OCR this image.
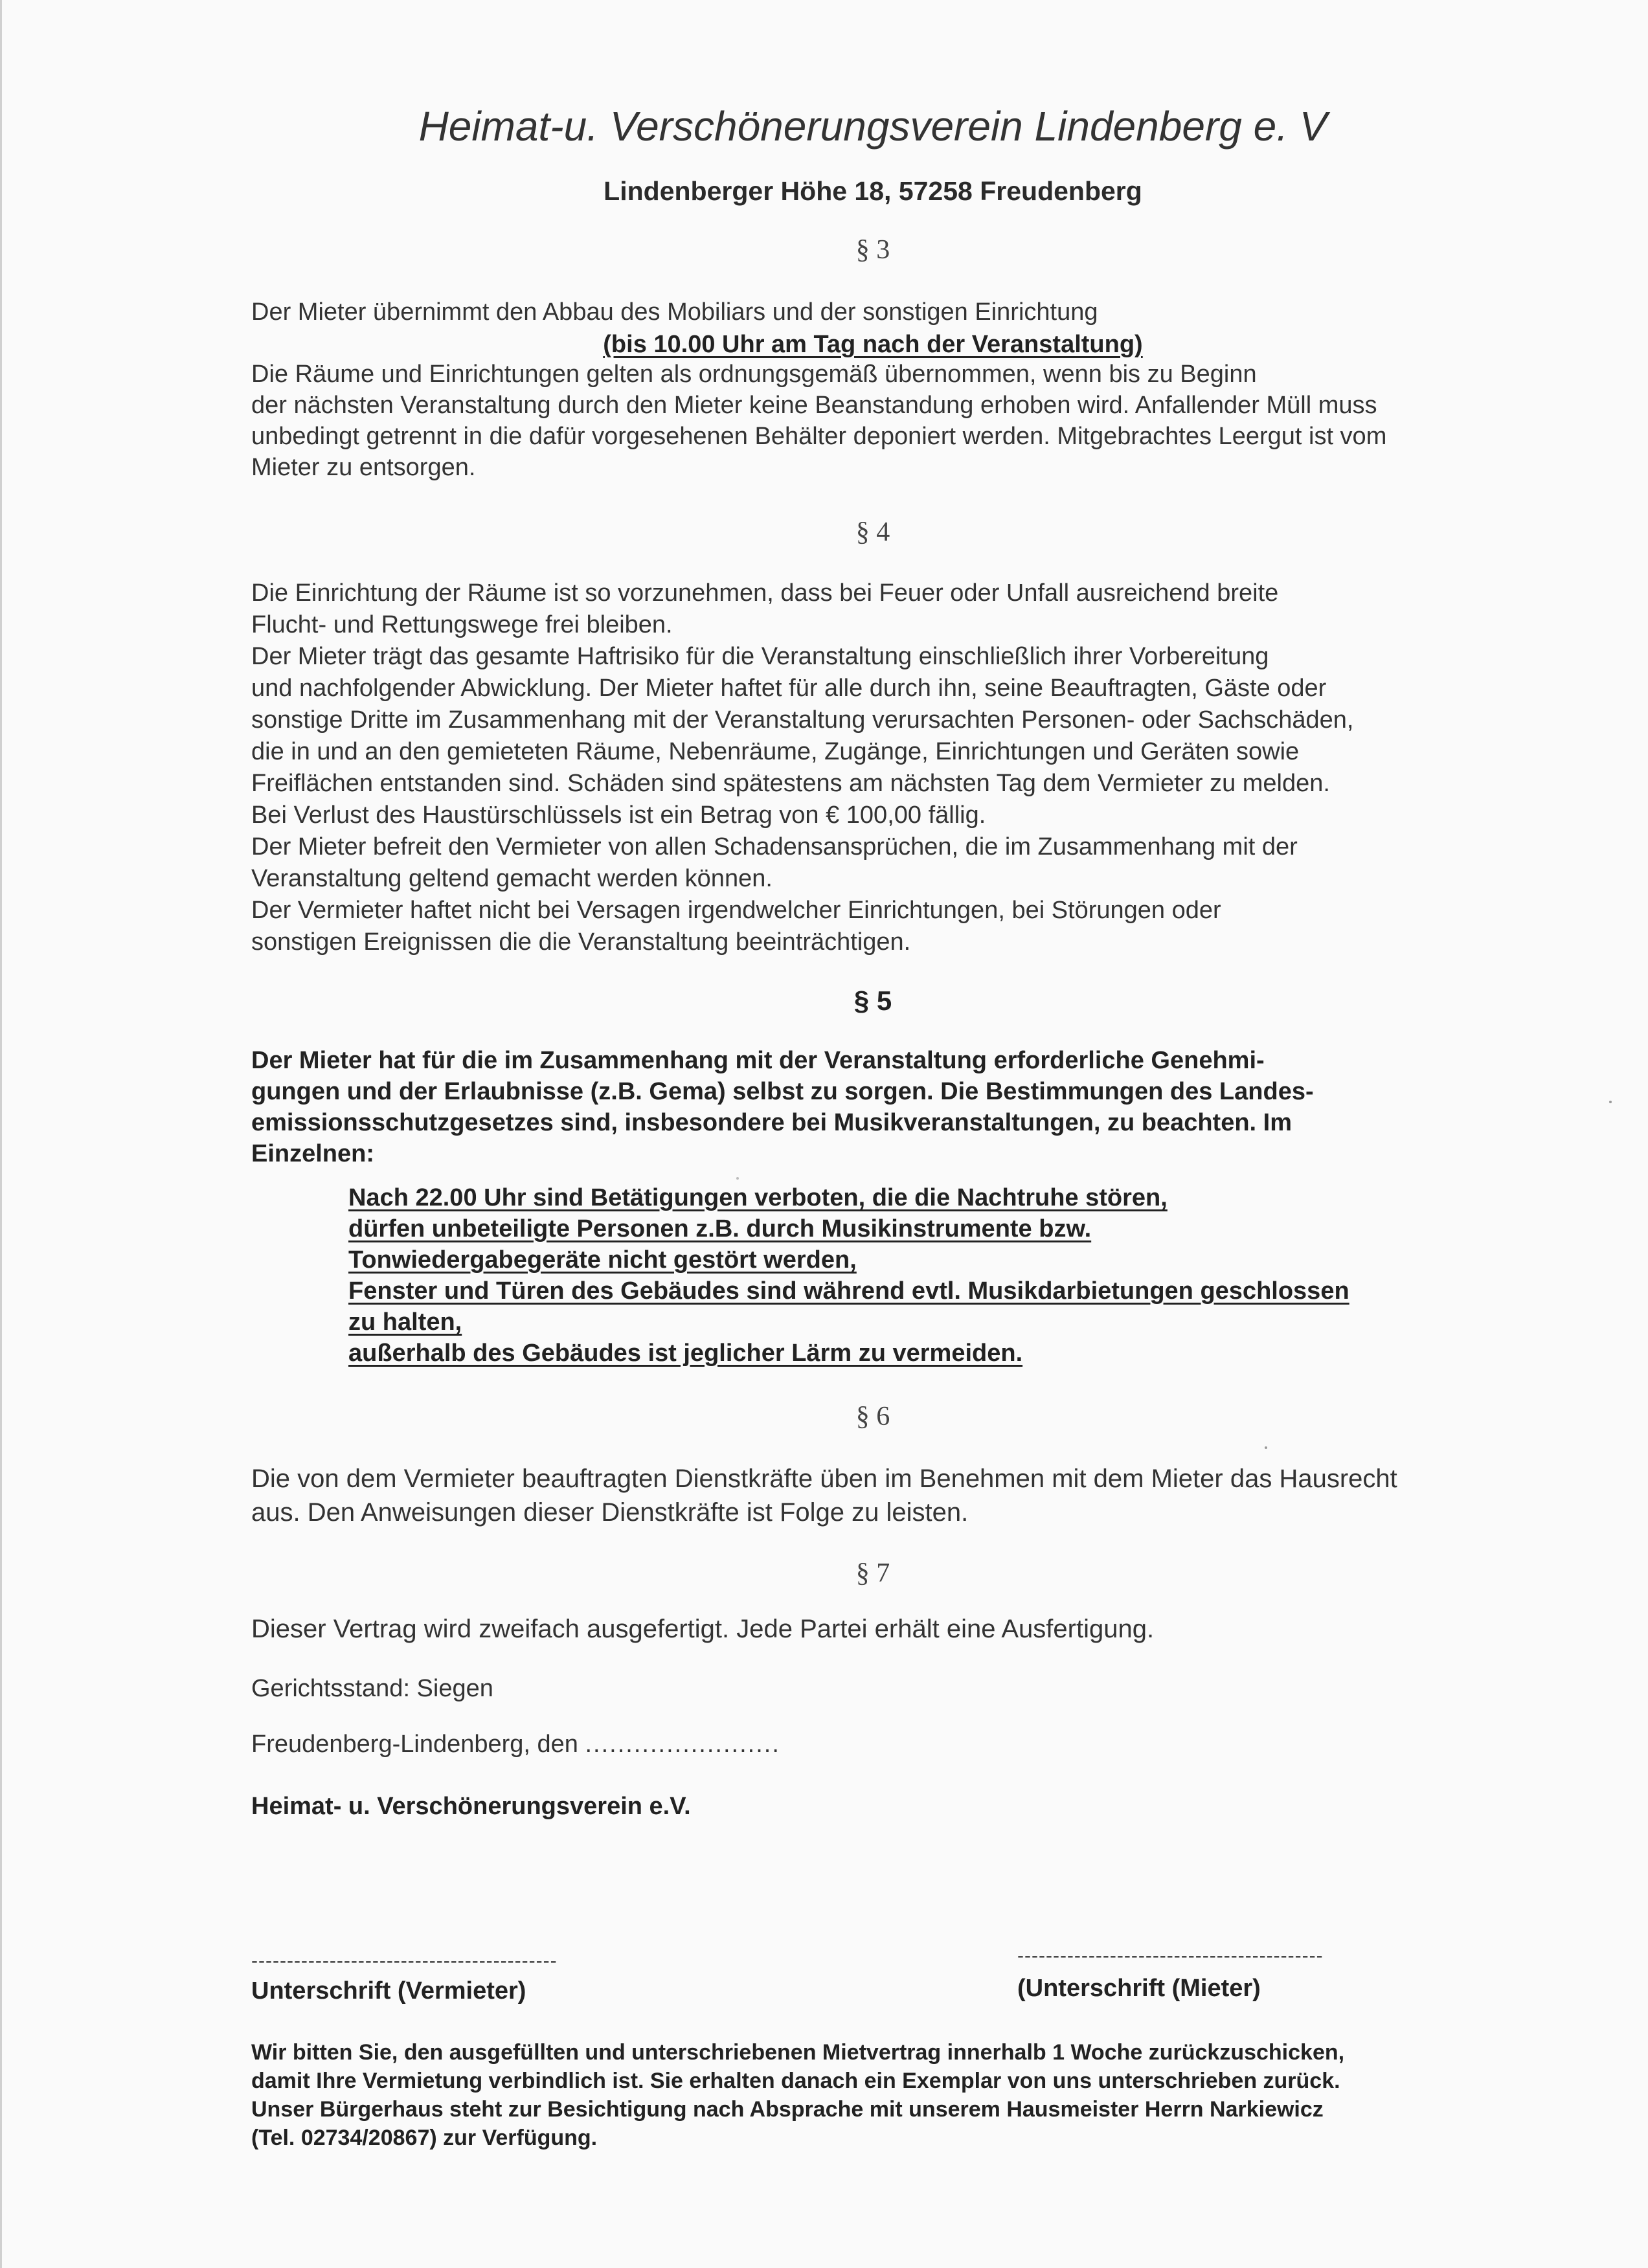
Heimat-u. Verschönerungsverein Lindenberg e. V
Lindenberger Höhe 18, 57258 Freudenberg
§ 3
Der Mieter übernimmt den Abbau des Mobiliars und der sonstigen Einrichtung
(bis 10.00 Uhr am Tag nach der Veranstaltung)
Die Räume und Einrichtungen gelten als ordnungsgemäß übernommen, wenn bis zu Beginn
der nächsten Veranstaltung durch den Mieter keine Beanstandung erhoben wird. Anfallender Müll muss
unbedingt getrennt in die dafür vorgesehenen Behälter deponiert werden. Mitgebrachtes Leergut ist vom
Mieter zu entsorgen.
§ 4
Die Einrichtung der Räume ist so vorzunehmen, dass bei Feuer oder Unfall ausreichend breite
Flucht- und Rettungswege frei bleiben.
Der Mieter trägt das gesamte Haftrisiko für die Veranstaltung einschließlich ihrer Vorbereitung
und nachfolgender Abwicklung. Der Mieter haftet für alle durch ihn, seine Beauftragten, Gäste oder
sonstige Dritte im Zusammenhang mit der Veranstaltung verursachten Personen- oder Sachschäden,
die in und an den gemieteten Räume, Nebenräume, Zugänge, Einrichtungen und Geräten sowie
Freiflächen entstanden sind. Schäden sind spätestens am nächsten Tag dem Vermieter zu melden.
Bei Verlust des Haustürschlüssels ist ein Betrag von € 100,00 fällig.
Der Mieter befreit den Vermieter von allen Schadensansprüchen, die im Zusammenhang mit der
Veranstaltung geltend gemacht werden können.
Der Vermieter haftet nicht bei Versagen irgendwelcher Einrichtungen, bei Störungen oder
sonstigen Ereignissen die die Veranstaltung beeinträchtigen.
§ 5
Der Mieter hat für die im Zusammenhang mit der Veranstaltung erforderliche Genehmi-
gungen und der Erlaubnisse (z.B. Gema) selbst zu sorgen. Die Bestimmungen des Landes-
emissionsschutzgesetzes sind, insbesondere bei Musikveranstaltungen, zu beachten. Im
Einzelnen:
Nach 22.00 Uhr sind Betätigungen verboten, die die Nachtruhe stören,
dürfen unbeteiligte Personen z.B. durch Musikinstrumente bzw.
Tonwiedergabegeräte nicht gestört werden,
Fenster und Türen des Gebäudes sind während evtl. Musikdarbietungen geschlossen
zu halten,
außerhalb des Gebäudes ist jeglicher Lärm zu vermeiden.
§ 6
Die von dem Vermieter beauftragten Dienstkräfte üben im Benehmen mit dem Mieter das Hausrecht
aus. Den Anweisungen dieser Dienstkräfte ist Folge zu leisten.
§ 7
Dieser Vertrag wird zweifach ausgefertigt. Jede Partei erhält eine Ausfertigung.
Gerichtsstand: Siegen
Freudenberg-Lindenberg, den ........................
Heimat- u. Verschönerungsverein e.V.
-------------------------------------------	-------------------------------------------
Unterschrift (Vermieter)	(Unterschrift (Mieter)
Wir bitten Sie, den ausgefüllten und unterschriebenen Mietvertrag innerhalb 1 Woche zurückzuschicken,
damit Ihre Vermietung verbindlich ist. Sie erhalten danach ein Exemplar von uns unterschrieben zurück.
Unser Bürgerhaus steht zur Besichtigung nach Absprache mit unserem Hausmeister Herrn Narkiewicz
(Tel. 02734/20867) zur Verfügung.
